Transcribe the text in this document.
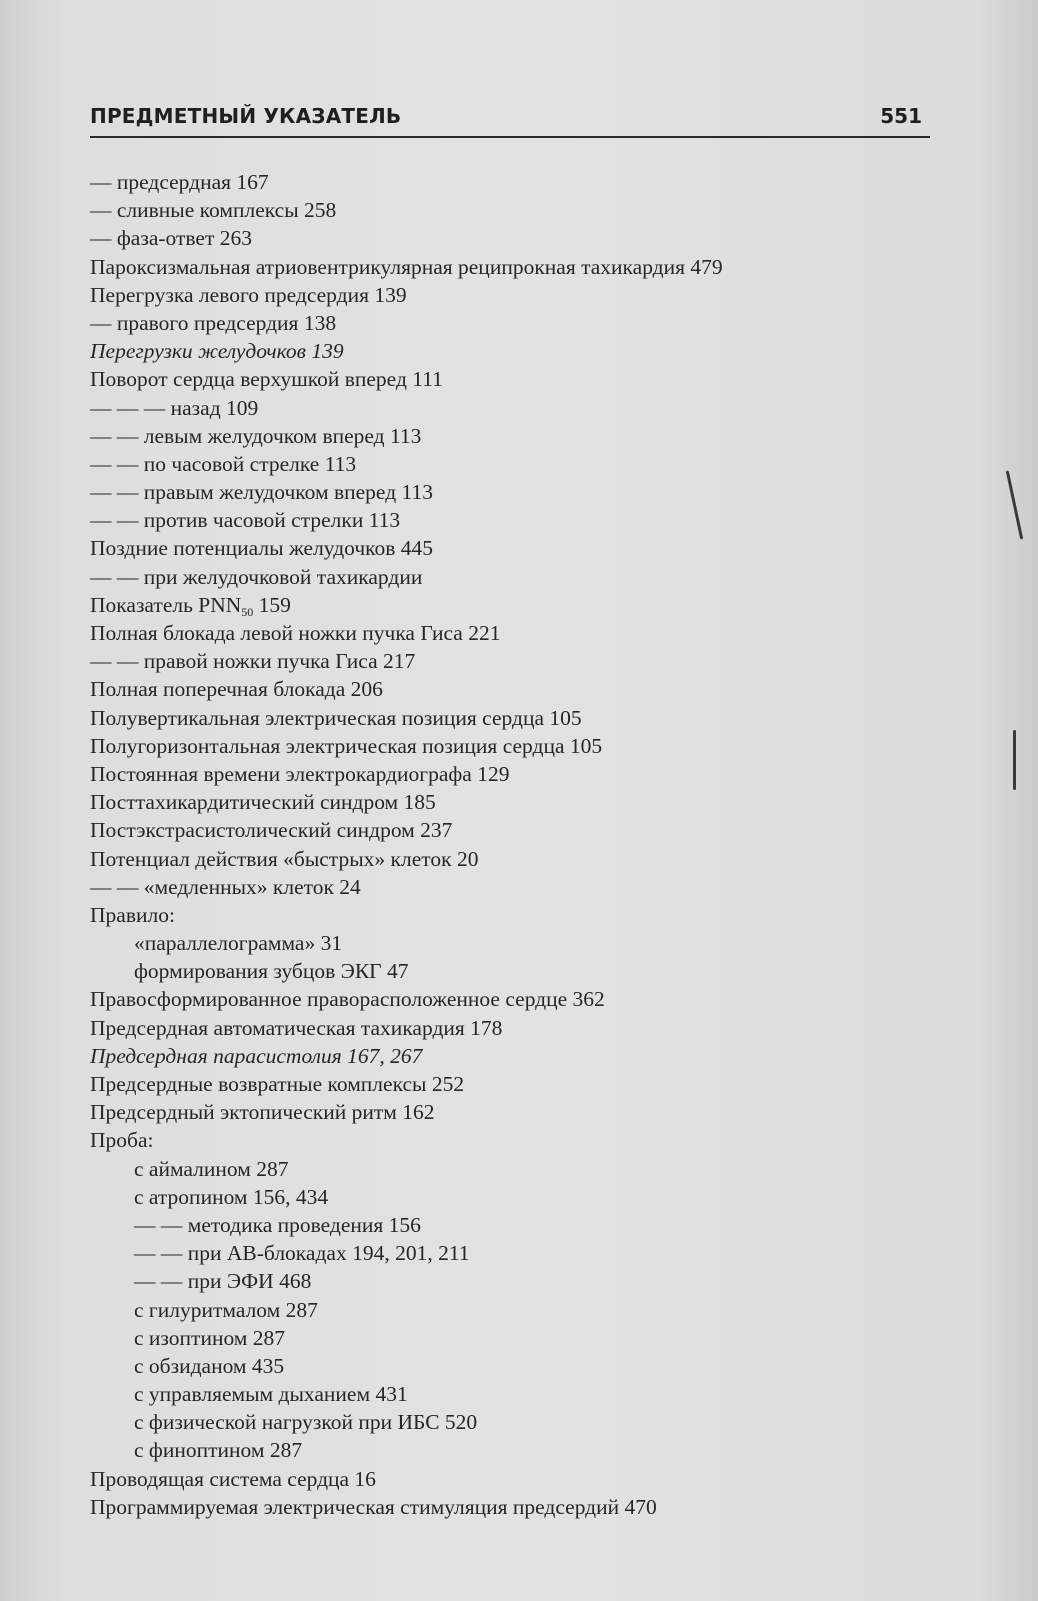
ПРЕДМЕТНЫЙ УКАЗАТЕЛЬ	551
— предсердная 167
— сливные комплексы 258
— фаза-ответ 263
Пароксизмальная атриовентрикулярная реципрокная тахикардия 479
Перегрузка левого предсердия 139
— правого предсердия 138
Перегрузки желудочков 139
Поворот сердца верхушкой вперед 111
— — — назад 109
— — левым желудочком вперед 113
— — по часовой стрелке 113
— — правым желудочком вперед 113
— — против часовой стрелки 113
Поздние потенциалы желудочков 445
— — при желудочковой тахикардии
Показатель $PNN_{50}$ 159
Полная блокада левой ножки пучка Гиса 221
— — правой ножки пучка Гиса 217
Полная поперечная блокада 206
Полувертикальная электрическая позиция сердца 105
Полугоризонтальная электрическая позиция сердца 105
Постоянная времени электрокардиографа 129
Посттахикардитический синдром 185
Постэкстрасистолический синдром 237
Потенциал действия «быстрых» клеток 20
— — «медленных» клеток 24
Правило:
«параллелограмма» 31
формирования зубцов ЭКГ 47
Правосформированное праворасположенное сердце 362
Предсердная автоматическая тахикардия 178
Предсердная парасистолия 167, 267
Предсердные возвратные комплексы 252
Предсердный эктопический ритм 162
Проба:
с аймалином 287
с атропином 156, 434
— — методика проведения 156
— — при АВ-блокадах 194, 201, 211
— — при ЭФИ 468
с гилуритмалом 287
с изоптином 287
с обзиданом 435
с управляемым дыханием 431
с физической нагрузкой при ИБС 520
с финоптином 287
Проводящая система сердца 16
Программируемая электрическая стимуляция предсердий 470
